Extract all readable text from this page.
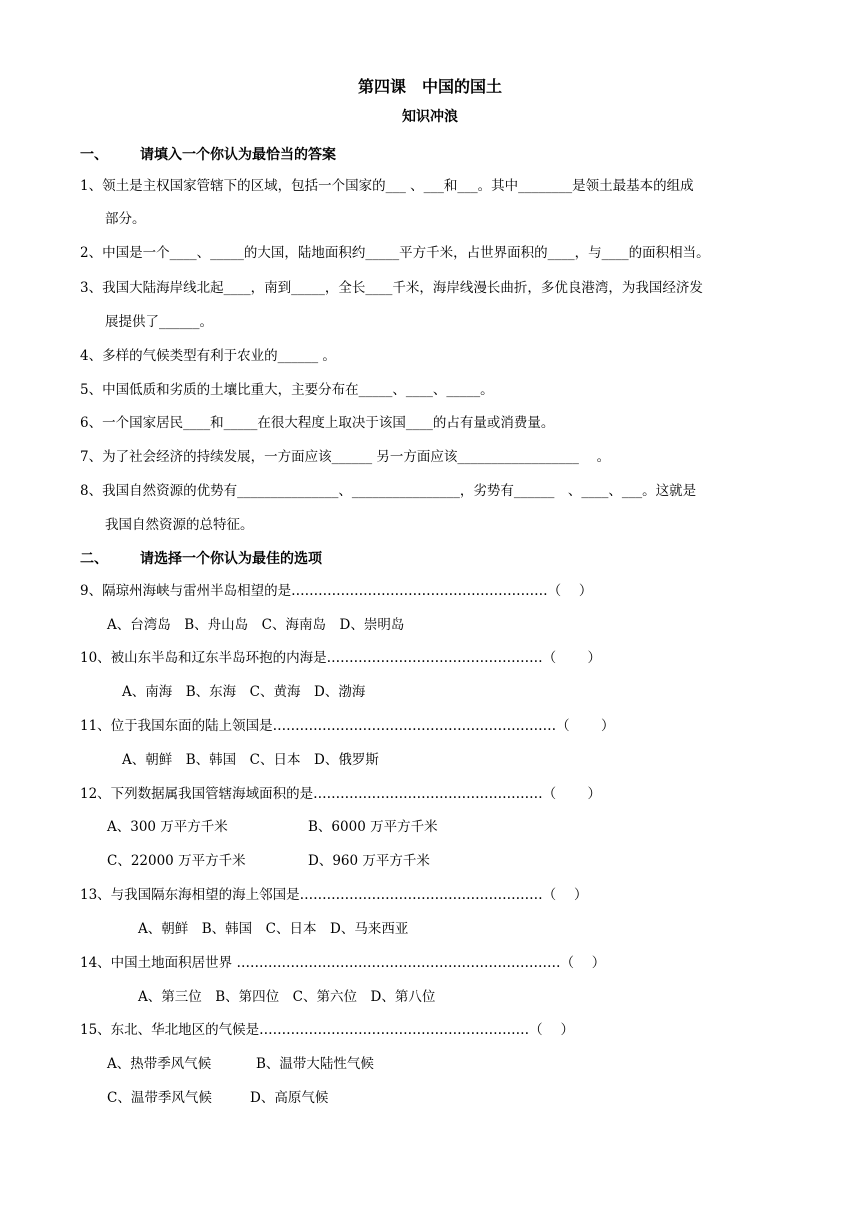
第四课　中国的国土
知识冲浪
一、 请填入一个你认为最恰当的答案
1、领土是主权国家管辖下的区域，包括一个国家的___ 、___和___。其中________是领土最基本的组成
部分。
2、中国是一个____、_____的大国，陆地面积约_____平方千米，占世界面积的____，与____的面积相当。
3、我国大陆海岸线北起____，南到_____，全长____千米，海岸线漫长曲折，多优良港湾，为我国经济发
展提供了______。
4、多样的气候类型有利于农业的______ 。
5、中国低质和劣质的土壤比重大，主要分布在_____、____、_____。
6、一个国家居民____和_____在很大程度上取决于该国____的占有量或消费量。
7、为了社会经济的持续发展，一方面应该______ 另一方面应该__________________　 。
8、我国自然资源的优势有_______________、________________，劣势有______　、____、___。这就是
我国自然资源的总特征。
二、 请选择一个你认为最佳的选项
9、隔琼州海峡与雷州半岛相望的是…………………………………………………（　 ）
A、台湾岛　B、舟山岛　C、海南岛　D、崇明岛
10、被山东半岛和辽东半岛环抱的内海是…………………………………………（　　 ）
A、南海　B、东海　C、黄海　D、渤海
11、位于我国东面的陆上领国是………………………………………………………（　　 ）
A、朝鲜　B、韩国　C、日本　D、俄罗斯
12、下列数据属我国管辖海域面积的是……………………………………………（　　 ）
A、300 万平方千米	B、6000 万平方千米
C、22000 万平方千米	D、960 万平方千米
13、与我国隔东海相望的海上邻国是………………………………………………（　 ）
A、朝鲜　B、韩国　C、日本　D、马来西亚
14、中国土地面积居世界 ………………………………………………………………（　 ）
A、第三位　B、第四位　C、第六位　D、第八位
15、东北、华北地区的气候是……………………………………………………（　 ）
A、热带季风气候	B、温带大陆性气候
C、温带季风气候	D、高原气候
